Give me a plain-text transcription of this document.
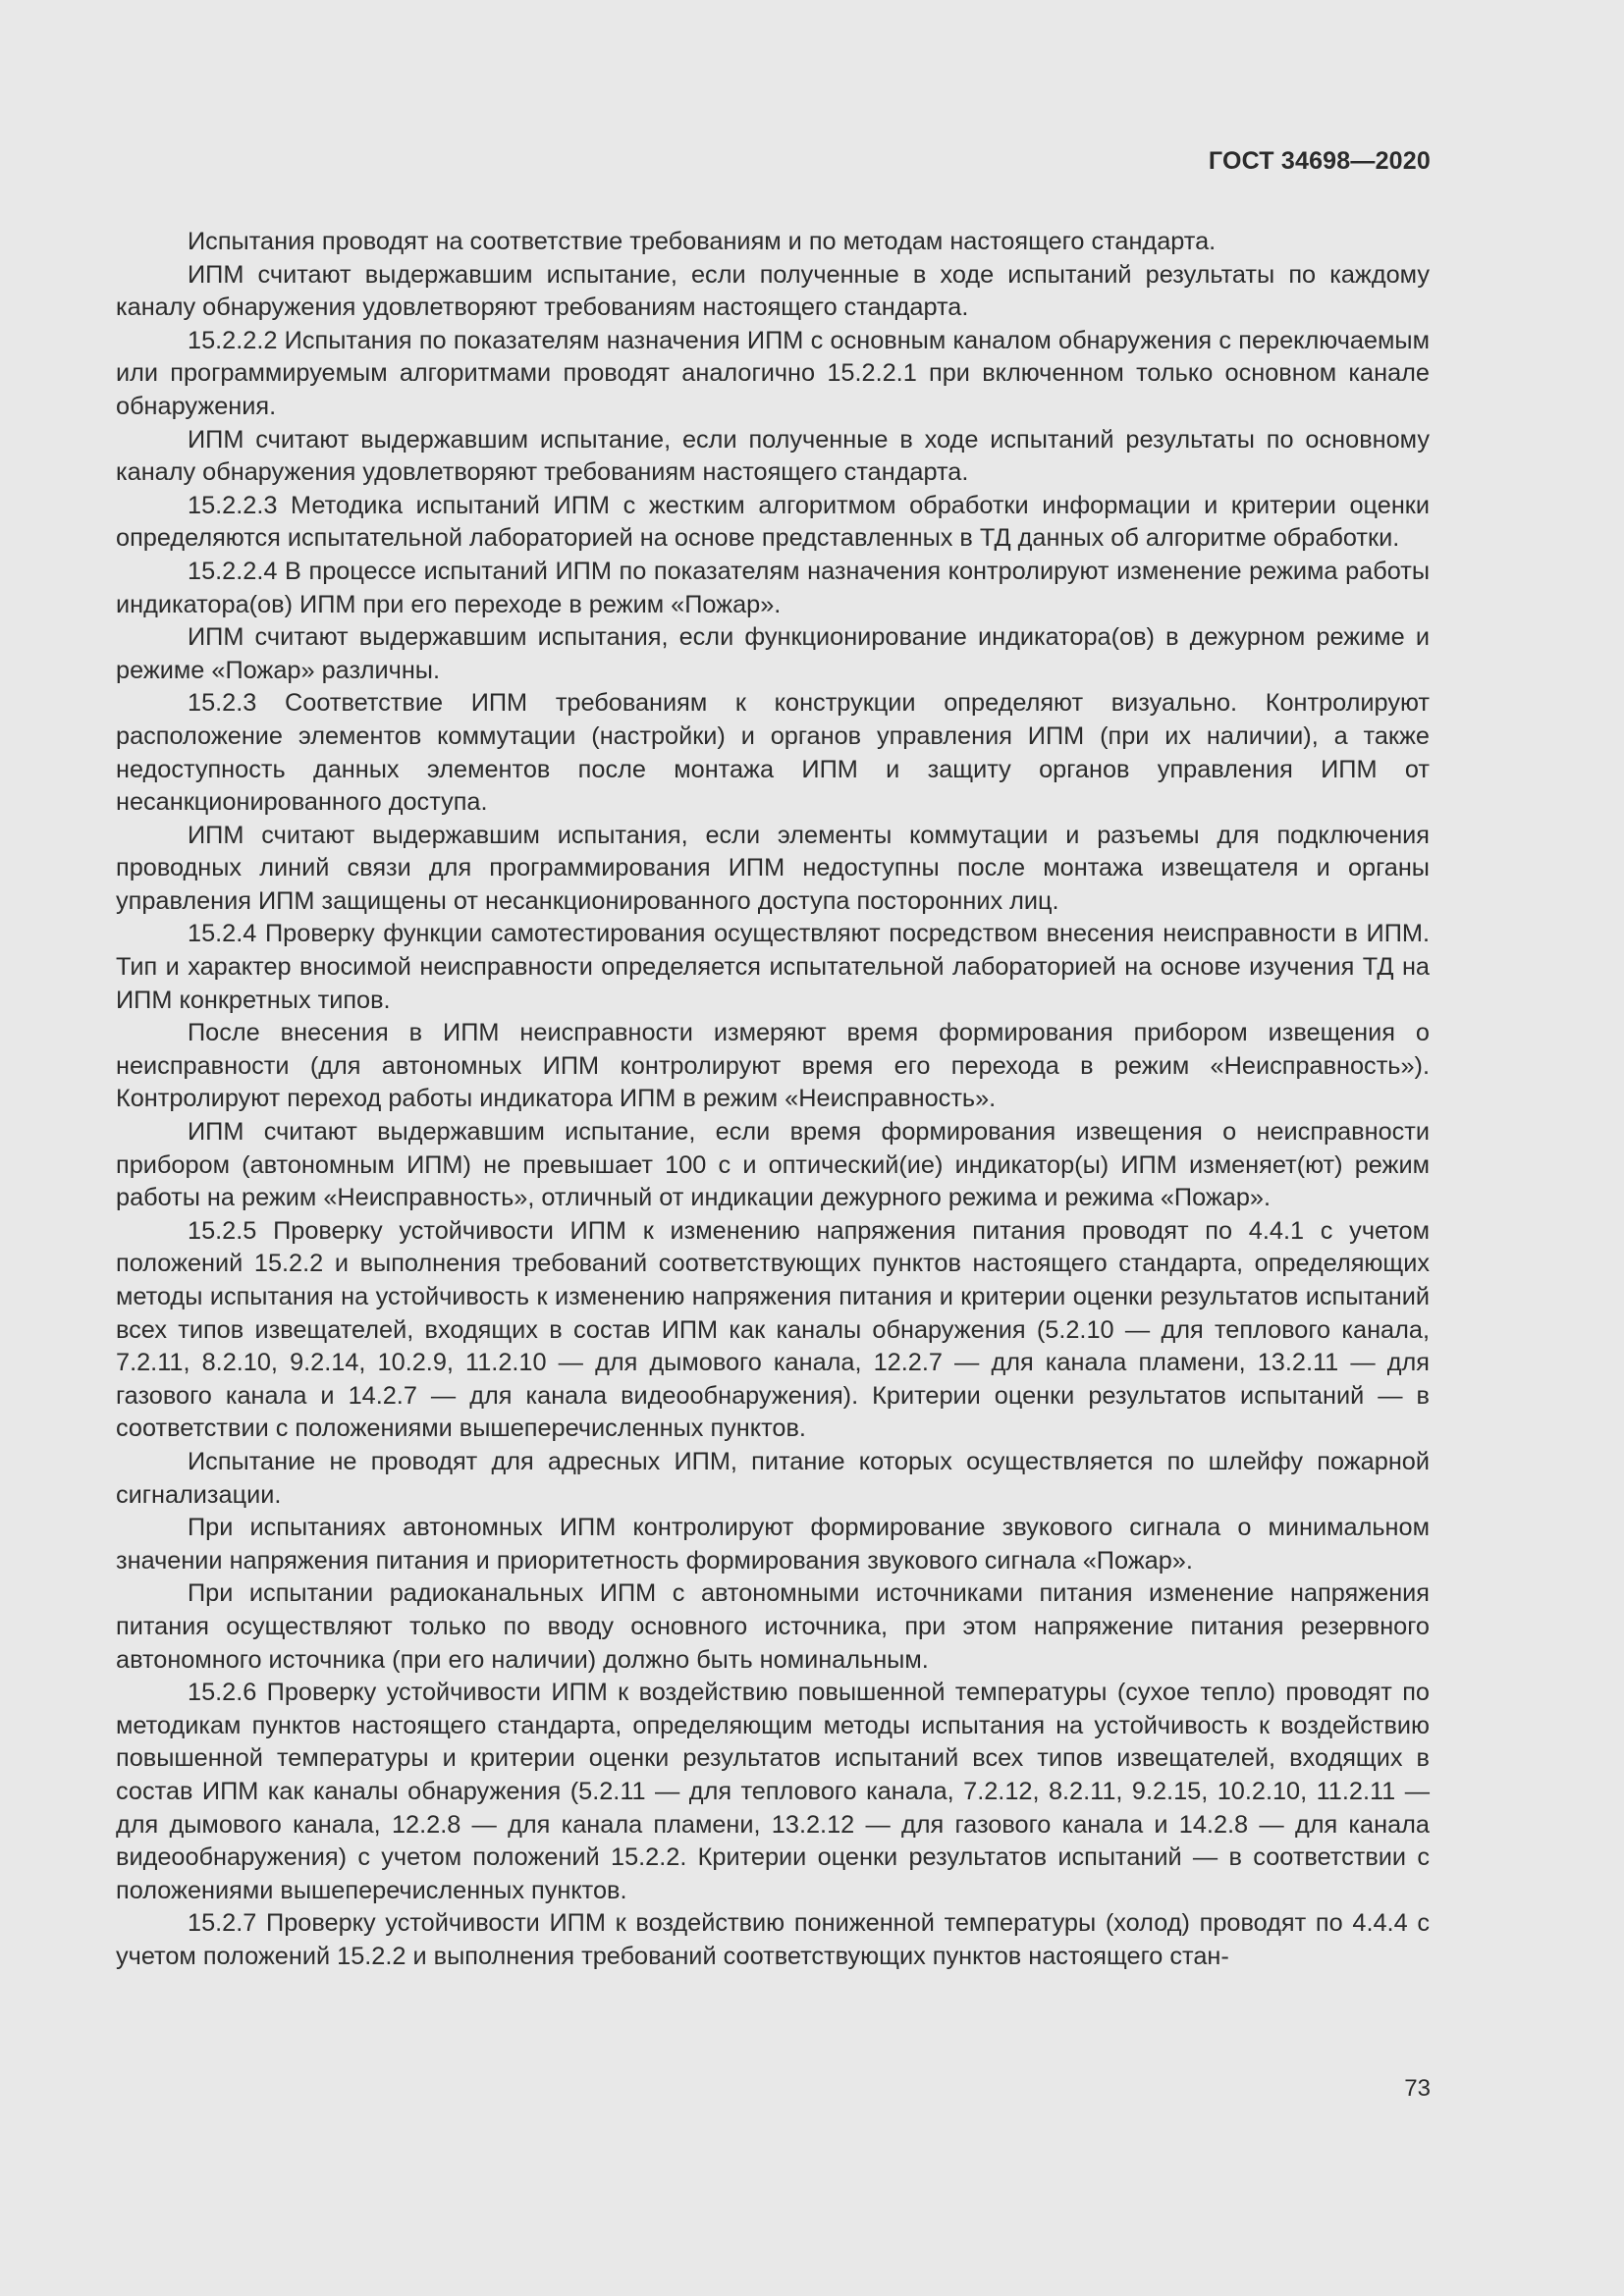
ГОСТ 34698—2020

Испытания проводят на соответствие требованиям и по методам настоящего стандарта.

ИПМ считают выдержавшим испытание, если полученные в ходе испытаний результаты по каждому каналу обнаружения удовлетворяют требованиям настоящего стандарта.

15.2.2.2 Испытания по показателям назначения ИПМ с основным каналом обнаружения с переключаемым или программируемым алгоритмами проводят аналогично 15.2.2.1 при включенном только основном канале обнаружения.

ИПМ считают выдержавшим испытание, если полученные в ходе испытаний результаты по основному каналу обнаружения удовлетворяют требованиям настоящего стандарта.

15.2.2.3 Методика испытаний ИПМ с жестким алгоритмом обработки информации и критерии оценки определяются испытательной лабораторией на основе представленных в ТД данных об алгоритме обработки.

15.2.2.4 В процессе испытаний ИПМ по показателям назначения контролируют изменение режима работы индикатора(ов) ИПМ при его переходе в режим «Пожар».

ИПМ считают выдержавшим испытания, если функционирование индикатора(ов) в дежурном режиме и режиме «Пожар» различны.

15.2.3 Соответствие ИПМ требованиям к конструкции определяют визуально. Контролируют расположение элементов коммутации (настройки) и органов управления ИПМ (при их наличии), а также недоступность данных элементов после монтажа ИПМ и защиту органов управления ИПМ от несанкционированного доступа.

ИПМ считают выдержавшим испытания, если элементы коммутации и разъемы для подключения проводных линий связи для программирования ИПМ недоступны после монтажа извещателя и органы управления ИПМ защищены от несанкционированного доступа посторонних лиц.

15.2.4 Проверку функции самотестирования осуществляют посредством внесения неисправности в ИПМ. Тип и характер вносимой неисправности определяется испытательной лабораторией на основе изучения ТД на ИПМ конкретных типов.

После внесения в ИПМ неисправности измеряют время формирования прибором извещения о неисправности (для автономных ИПМ контролируют время его перехода в режим «Неисправность»). Контролируют переход работы индикатора ИПМ в режим «Неисправность».

ИПМ считают выдержавшим испытание, если время формирования извещения о неисправности прибором (автономным ИПМ) не превышает 100 с и оптический(ие) индикатор(ы) ИПМ изменяет(ют) режим работы на режим «Неисправность», отличный от индикации дежурного режима и режима «Пожар».

15.2.5 Проверку устойчивости ИПМ к изменению напряжения питания проводят по 4.4.1 с учетом положений 15.2.2 и выполнения требований соответствующих пунктов настоящего стандарта, определяющих методы испытания на устойчивость к изменению напряжения питания и критерии оценки результатов испытаний всех типов извещателей, входящих в состав ИПМ как каналы обнаружения (5.2.10 — для теплового канала, 7.2.11, 8.2.10, 9.2.14, 10.2.9, 11.2.10 — для дымового канала, 12.2.7 — для канала пламени, 13.2.11 — для газового канала и 14.2.7 — для канала видеообнаружения). Критерии оценки результатов испытаний — в соответствии с положениями вышеперечисленных пунктов.

Испытание не проводят для адресных ИПМ, питание которых осуществляется по шлейфу пожарной сигнализации.

При испытаниях автономных ИПМ контролируют формирование звукового сигнала о минимальном значении напряжения питания и приоритетность формирования звукового сигнала «Пожар».

При испытании радиоканальных ИПМ с автономными источниками питания изменение напряжения питания осуществляют только по вводу основного источника, при этом напряжение питания резервного автономного источника (при его наличии) должно быть номинальным.

15.2.6 Проверку устойчивости ИПМ к воздействию повышенной температуры (сухое тепло) проводят по методикам пунктов настоящего стандарта, определяющим методы испытания на устойчивость к воздействию повышенной температуры и критерии оценки результатов испытаний всех типов извещателей, входящих в состав ИПМ как каналы обнаружения (5.2.11 — для теплового канала, 7.2.12, 8.2.11, 9.2.15, 10.2.10, 11.2.11 — для дымового канала, 12.2.8 — для канала пламени, 13.2.12 — для газового канала и 14.2.8 — для канала видеообнаружения) с учетом положений 15.2.2. Критерии оценки результатов испытаний — в соответствии с положениями вышеперечисленных пунктов.

15.2.7 Проверку устойчивости ИПМ к воздействию пониженной температуры (холод) проводят по 4.4.4 с учетом положений 15.2.2 и выполнения требований соответствующих пунктов настоящего стан-

73
